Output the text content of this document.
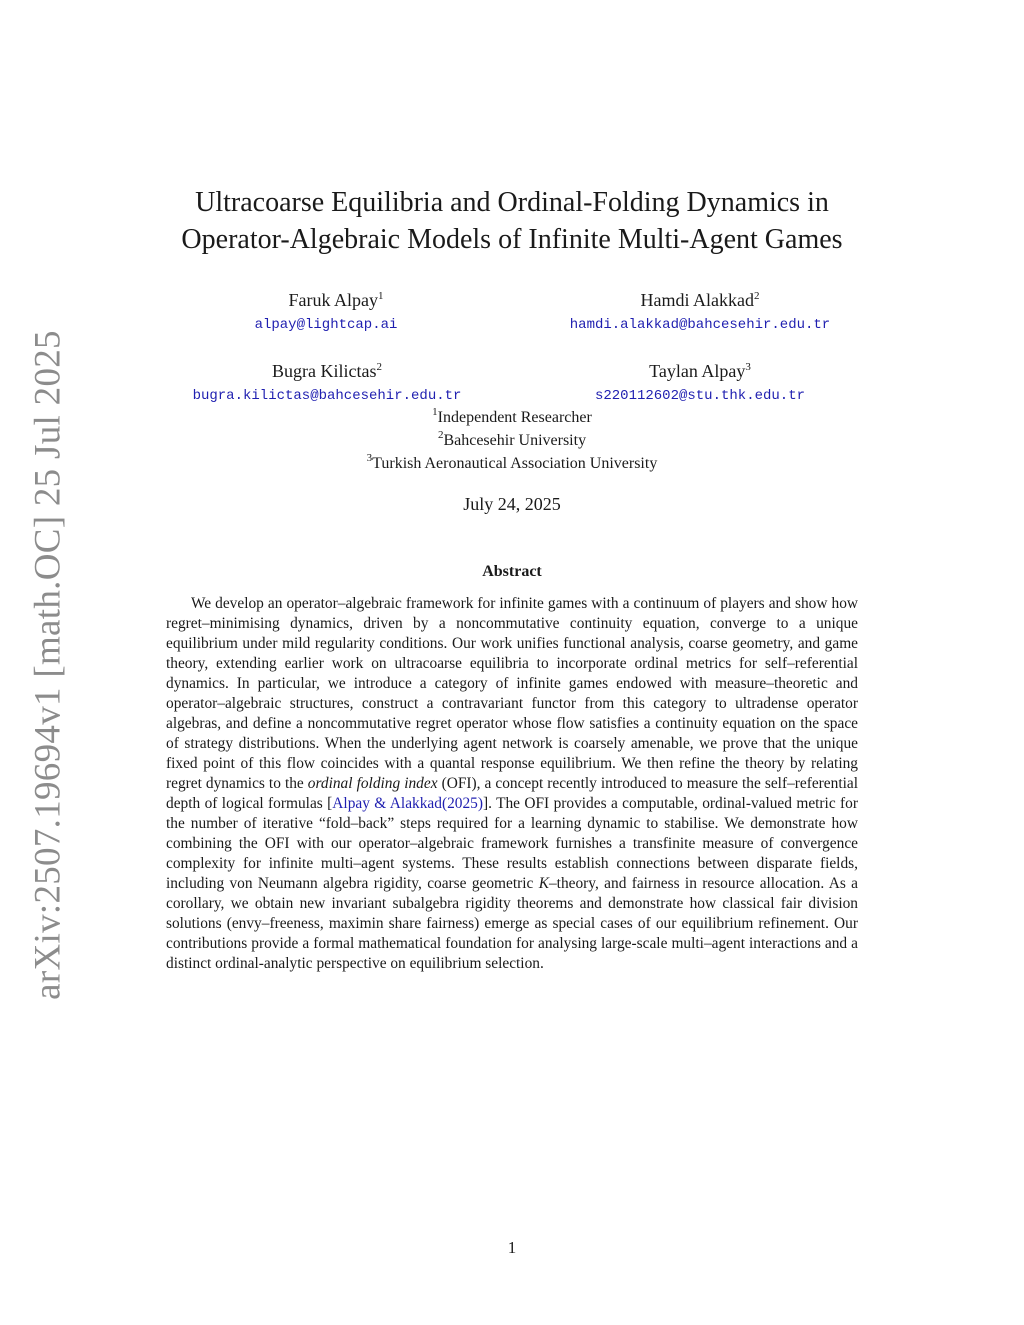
arXiv:2507.19694v1 [math.OC] 25 Jul 2025
Ultracoarse Equilibria and Ordinal-Folding Dynamics in
Operator-Algebraic Models of Infinite Multi-Agent Games
Faruk Alpay$^1$
alpay@lightcap.ai
Hamdi Alakkad$^2$
hamdi.alakkad@bahcesehir.edu.tr
Bugra Kilictas$^2$
bugra.kilictas@bahcesehir.edu.tr
Taylan Alpay$^3$
s220112602@stu.thk.edu.tr
$^1$Independent Researcher
$^2$Bahcesehir University
$^3$Turkish Aeronautical Association University
July 24, 2025
Abstract

We develop an operator–algebraic framework for infinite games with a continuum of players and show how regret–minimising dynamics, driven by a noncommutative continuity equation, converge to a unique equilibrium under mild regularity conditions. Our work unifies functional analysis, coarse geometry, and game theory, extending earlier work on ultracoarse equilibria to incorporate ordinal metrics for self–referential dynamics. In particular, we introduce a category of infinite games endowed with measure–theoretic and operator–algebraic structures, construct a contravariant functor from this category to ultradense operator algebras, and define a noncommutative regret operator whose flow satisfies a continuity equation on the space of strategy distributions. When the underlying agent network is coarsely amenable, we prove that the unique fixed point of this flow coincides with a quantal response equilibrium. We then refine the theory by relating regret dynamics to the ordinal folding index (OFI), a concept recently introduced to measure the self–referential depth of logical formulas [Alpay & Alakkad(2025)]. The OFI provides a computable, ordinal-valued metric for the number of iterative “fold–back” steps required for a learning dynamic to stabilise. We demonstrate how combining the OFI with our operator–algebraic framework furnishes a transfinite measure of convergence complexity for infinite multi–agent systems. These results establish connections between disparate fields, including von Neumann algebra rigidity, coarse geometric K–theory, and fairness in resource allocation. As a corollary, we obtain new invariant subalgebra rigidity theorems and demonstrate how classical fair division solutions (envy–freeness, maximin share fairness) emerge as special cases of our equilibrium refinement. Our contributions provide a formal mathematical foundation for analysing large-scale multi–agent interactions and a distinct ordinal-analytic perspective on equilibrium selection.

1
